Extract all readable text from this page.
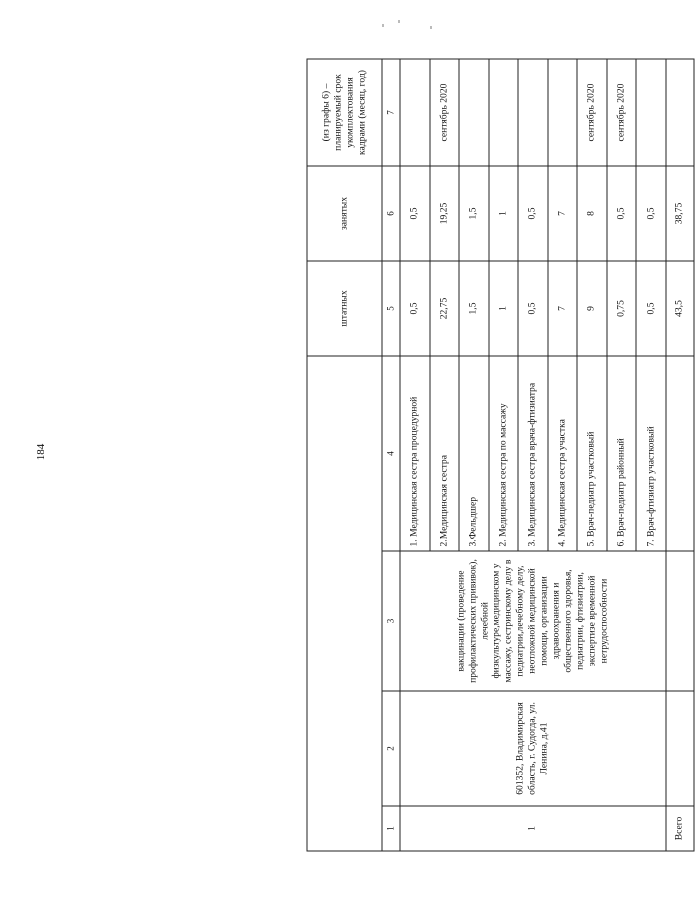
184
				штатных	занятых	(из графы 6) – планируемый срок укомплектования кадрами (месяц, год)
1	2	3	4	5	6	7
1	601352, Владимирская область, г. Судогда, ул. Ленина, д.41	вакцинации (проведение профилактических прививок), лечебной физкультуре,медицинском у массажу, сестринскому делу в педиатрии,лечебному делу, неотложной медицинской помощи, организации здравоохранения и общественного здоровья, педиатрии, фтизиатрии, экспертизе временной нетрудоспособности	1. Медицинская сестра процедурной	0,5	0,5	
			2.Медицинская сестра	22,75	19,25	сентябрь 2020
			3.Фельдшер	1,5	1,5	
			2. Медицинская сестра по массажу	1	1	
			3. Медицинская сестра врача-фтизиатра	0,5	0,5	
			4. Медицинская сестра участка	7	7	
			5. Врач-педиатр участковый	9	8	сентябрь 2020
			6. Врач-педиатр районный	0,75	0,5	сентябрь 2020
			7. Врач-фтизиатр участковый	0,5	0,5	
Всего				43,5	38,75	
